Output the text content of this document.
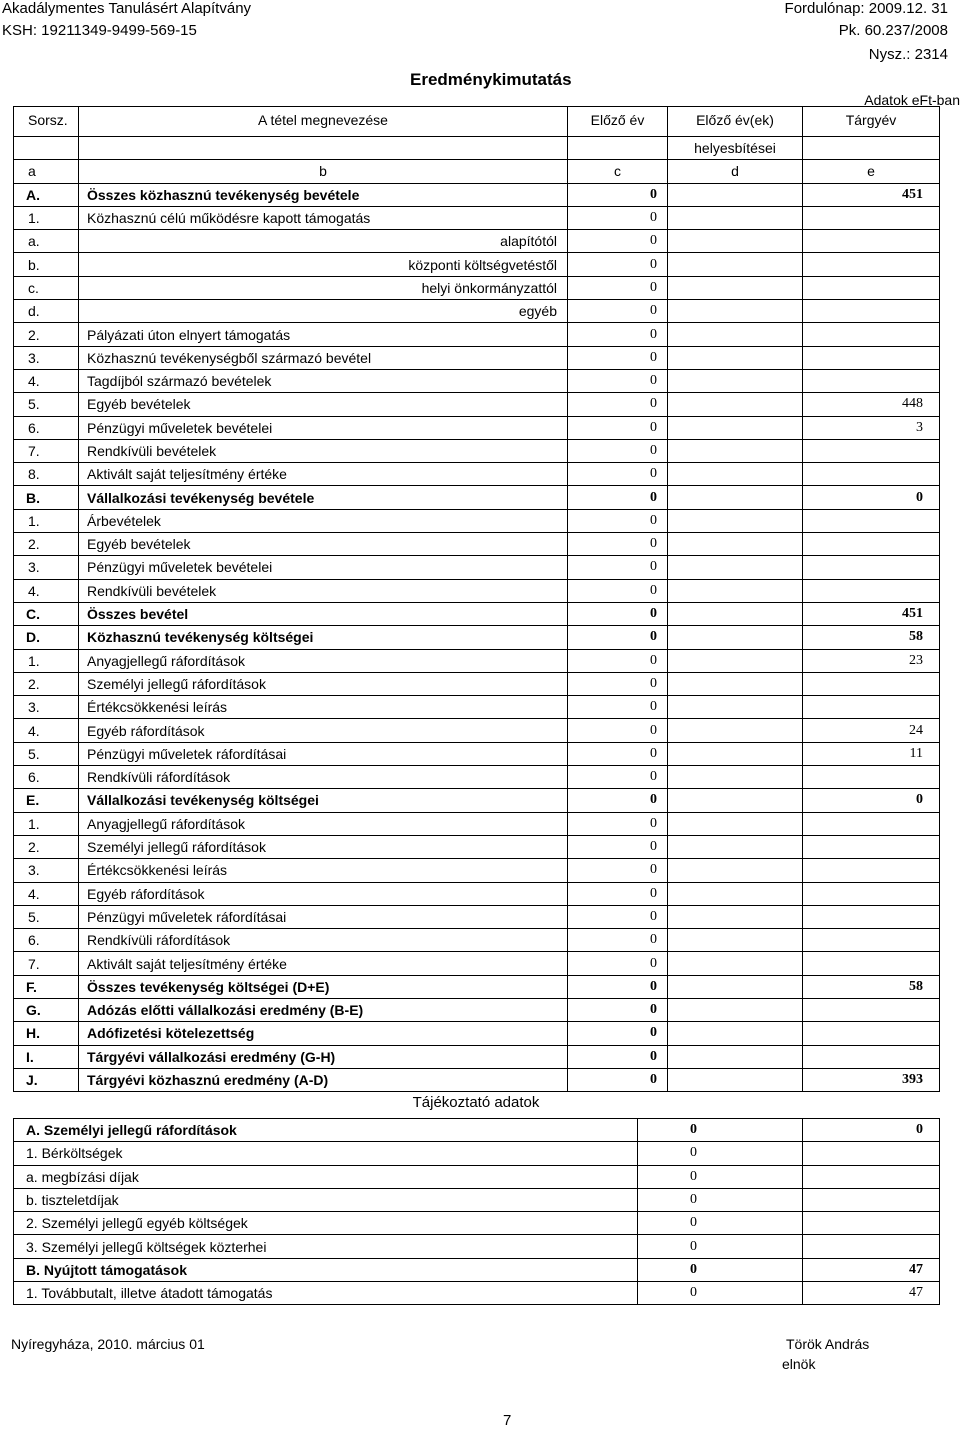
Akadálymentes Tanulásért Alapítvány
KSH: 19211349-9499-569-15
Fordulónap: 2009.12. 31
Pk. 60.237/2008
Nysz.: 2314
Eredménykimutatás
Adatok eFt-ban
Sorsz.	A tétel megnevezése	Előző év	Előző év(ek)	Tárgyév
			helyesbítései	
a	b	c	d	e
A.	Összes közhasznú tevékenység bevétele	0		451
1.	Közhasznú célú működésre kapott támogatás	0		
a.	alapítótól	0		
b.	központi költségvetéstől	0		
c.	helyi önkormányzattól	0		
d.	egyéb	0		
2.	Pályázati úton elnyert támogatás	0		
3.	Közhasznú tevékenységből származó bevétel	0		
4.	Tagdíjból származó bevételek	0		
5.	Egyéb bevételek	0		448
6.	Pénzügyi műveletek bevételei	0		3
7.	Rendkívüli bevételek	0		
8.	Aktivált saját teljesítmény értéke	0		
B.	Vállalkozási tevékenység bevétele	0		0
1.	Árbevételek	0		
2.	Egyéb bevételek	0		
3.	Pénzügyi műveletek bevételei	0		
4.	Rendkívüli bevételek	0		
C.	Összes bevétel	0		451
D.	Közhasznú tevékenység költségei	0		58
1.	Anyagjellegű ráfordítások	0		23
2.	Személyi jellegű ráfordítások	0		
3.	Értékcsökkenési leírás	0		
4.	Egyéb ráfordítások	0		24
5.	Pénzügyi műveletek ráfordításai	0		11
6.	Rendkívüli ráfordítások	0		
E.	Vállalkozási tevékenység költségei	0		0
1.	Anyagjellegű ráfordítások	0		
2.	Személyi jellegű ráfordítások	0		
3.	Értékcsökkenési leírás	0		
4.	Egyéb ráfordítások	0		
5.	Pénzügyi műveletek ráfordításai	0		
6.	Rendkívüli ráfordítások	0		
7.	Aktivált saját teljesítmény értéke	0		
F.	Összes tevékenység költségei (D+E)	0		58
G.	Adózás előtti vállalkozási eredmény (B-E)	0		
H.	Adófizetési kötelezettség	0		
I.	Tárgyévi vállalkozási eredmény (G-H)	0		
J.	Tárgyévi közhasznú eredmény (A-D)	0		393
Tájékoztató adatok
A. Személyi jellegű ráfordítások	0	0
1. Bérköltségek	0	
a. megbízási díjak	0	
b. tiszteletdíjak	0	
2. Személyi jellegű egyéb költségek	0	
3. Személyi jellegű költségek közterhei	0	
B. Nyújtott támogatások	0	47
1. Továbbutalt, illetve átadott támogatás	0	47
Nyíregyháza, 2010. március 01	Török András
elnök
7
